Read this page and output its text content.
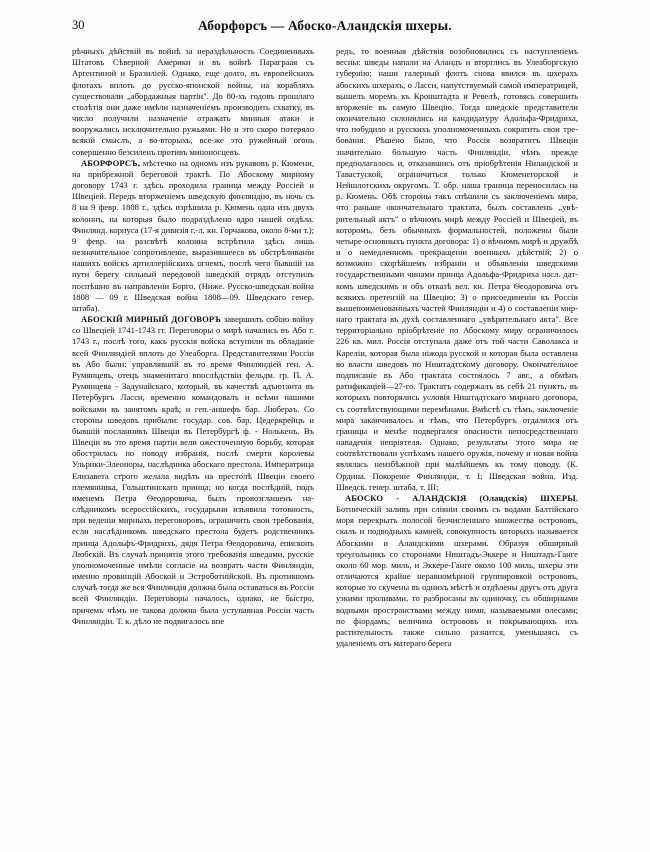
30	Аборфорсъ — Абоско-Аландскія шхеры.

рѣчныхъ дѣйствій въ войнѣ за нераздѣльность Соединенныхъ Штатовъ Сѣверной Америки и въ войнѣ Параграая съ Аргентиной и Бразиліей. Однако, еще долго, въ европейскихъ флотахъ вплоть до русско-японской войны, на корабляхъ существовали „абордажныя партіи". До 80-хъ годовъ прошлаго столѣтія они даже имѣли назначеніемъ производить схватку, въ число получили назначеніе отражать минныя атаки и вооружались исключительно ружьями. Но и это скоро потеряло всякій смыслъ, а во-вторыхъ, все-же это ружейный огонь совершенно безсиленъ противъ миноносцевъ.

АБОРФОРСЪ, мѣстечко на одномъ изъ рукавовъ р. Кюмени, на прибрежной береговой трактѣ. По Абоскому мирному договору 1743 г. здѣсь проходила граница между Россіей и Швеціей. Передъ вторженіемъ шведскую финляндію, въ ночь съ 8 на 9 февр. 1808 г., здѣсь изрѣшила р. Кюмень одна изъ двухъ колоннъ, на которыя было подраздѣлено ядро нашей отдѣла. Финлянд. корпуса (17-я дивизія г.-л. кн. Горчакова, около 8-ми т.); 9 февр. на разсвѣтѣ колонна встрѣтила здѣсь лишь незначительное сопротивленіе, выразившееся въ обстрѣливаніи нашихъ войскъ артиллерійскихъ огнемъ, послѣ чего бывшій на пути берегу сильный передовой шведскій отрядъ отступилъ поспѣшно въ направленіи Борго. (Ниже. Русско-шведская война 1808 — 09 г. Шведская война 1808—09. Шведскаго генер. штаба).

АБОСКІЙ МИРНЫЙ ДОГОВОРЪ завершилъ собою войну со Швеціей 1741-1743 гг. Переговоры о мирѣ начались въ Або г. 1743 г., послѣ того, какъ русскія войска вступили въ обладаніе всей Финляндіей вплоть до Улеаборга. Представителями Россіи въ Або были: управлявшій въ то время Финляндіей ген. А. Румянцевъ, отецъ знаменитаго впослѣдствіи фельдм. гр. П. А. Румянцева - Задунайскаго, который, въ качествѣ адъютанта въ Петербургъ Ласси, временно командовалъ и всѣми нашими войсками въ занятомъ краѣ; и геп.-аншефъ бар. Любераъ. Со стороны шведовъ прибыли: государ. сов. бар. Цедеркрейцъ и бывшій посланникъ Швеціи въ Петербургѣ ф. - Нолькенъ. Въ Швеціи въ это время партіи вели ожесточенную борьбу, которая обострилась по поводу избранія, послѣ смерти королевы Ульрики-Элеоноры, наслѣдника абоскаго престола. Императрица Елизавета строго желала видѣть на престолѣ Швеціи своего племянника, Гольштинскаго принца; но когда послѣдній, подъ именемъ Петра Ѳеодоровича, былъ провозглашенъ наслѣдникомъ всероссійскихъ, государыни изъявила тотовность, при веденіи мирныхъ переговоровъ, ограничить свои требованія, если наслѣдникомъ шведскаго престола будетъ родственникъ принца Адольфъ-Фридрихъ, дядя Петра Ѳеодоровича, епископъ Любскій. Въ случаѣ принятія этого требованія шведами, русскіе уполномоченные имѣли согласіе на возвратъ части Финляндіи, именно провинцій Абоской и Эстроботнійской. Въ противномъ случаѣ тогда же вся Финляндія должна была оставаться въ Россіи всей Финляндіи. Переговоры началось, однако, не быстро, причемъ чѣмъ не такова должна была уступавная Россіи часть Финляндіи. Т. к. дѣло не подвигалось впе

редъ, то военныя дѣйствія возобновились съ наступленіемъ весны: шведы напали на Аландъ и вторглись въ Улеаборгскую губернію; наши галерный флотъ снова явился въ шхерахъ абоскихъ шхерахъ, о Ласси, напутствуемый самой императрицей, вышелъ моремъ къ Кронштадта и Ревелѣ, готовясь совершить вторженіе въ самую Швецію. Тогда шведскіе представители окончательно склонились на кандидатуру Адольфа-Фридриха, что побудило и русскихъ уполномоченныхъ сократить свои требованія. Рѣшено было, что Россія возвратитъ Швеціи значительно большую часть Финляндіи, чѣмъ прежде предполагалось и, отказавшись отъ пріобрѣтенія Ниландской и Тавастуской, ограничиться только Кюменегорской и Нейшлотскихъ округомъ. Т. обр. наша граница переносилась на р. Кюмень. Обѣ стороны такъ спѣшили съ заключеніемъ мира, что раньше окончательнаго трактата, былъ составленъ „увѣрительный актъ" о вѣчномъ мирѣ между Россіей и Швеціей, въ которомъ, безъ обычныхъ формальностей, положены были четыре основныхъ пункта договора: 1) о вѣчномъ мирѣ и дружбѣ и о немедленномъ прекращеніи военныхъ дѣйствій; 2) о возможно скорѣйшемъ избраніи и объявленіи шведскими государственными чинами принца Адольфа-Фридриха насл. даткомъ шведскимъ и объ отказѣ вел. кн. Петра Ѳеодоровича отъ всякихъ претензій на Швецію; 3) о присоединеніи къ Россіи вышепоименованныхъ частей Финляндіи и 4) о составленіи мирнаго трактата въ духѣ составленнаго „увѣрительнаго акта". Все территоріально пріобрѣтеніе по Абоскому миру ограничилось 226 кв. мил. Россія отступала даже отъ той части Саволакса и Кареліи, которая была ніжода русской и которая была оставлена во власти шведовъ по Ништадтскому договору. Окончательное подписаніе въ Або трактата состоялось 7 авг., а обмѣнъ ратификаціей—27-го. Трактатъ содержалъ въ себѣ 21 пунктъ, въ которыхъ повторялись условія Ништадтскаго мирнаго договора, съ соотвѣтствующими перемѣнами. Вмѣстѣ съ тѣмъ, заключеніе мира заканчивалось и тѣмъ, что Петербургъ отдалился отъ границы и менѣе подвергался опасности непосредственнаго нападенія непріятеля. Однако, результаты этого мира не соотвѣтствовали успѣхамъ нашего оружія, почему и новая война являлась неизбѣжной при малѣйшемъ къ тому поводу. (К. Ордина. Покореніе Финляндіи, т. І; Шведская война. Изд. Шведск. генер. штаба, т. ІІІ;

АБОСКО - АЛАНДСКІЯ (Оландскія) ШХЕРЫ. Ботническій заливъ при сліяніи своимъ съ водами Балтійскаго моря перекрытъ полосой безчисленнаго множества острововъ, скалъ и подводныхъ камней, совокупность которыхъ называется Абоскими и Аландскими шхерами. Образуя обширный треугольникъ со сторонами Ништадъ-Эккере и Ништадъ-Ганге около 60 мор. миль, и Эккере-Ганге около 100 миль, шхеры эти отличаются крайне неравномѣрной группировкой острововъ, которые то скучены въ однихъ мѣстѣ и отдѣлены другъ отъ друга узкими проливами, то разбросаны въ одиночку, съ обширными водными пространствами между ними, называемыми плесами; по фіордамъ; величина острововъ и покрывающихъ ихъ растительность также сильно разнится, уменьшаясь съ удаленіемъ отъ матераго берега
